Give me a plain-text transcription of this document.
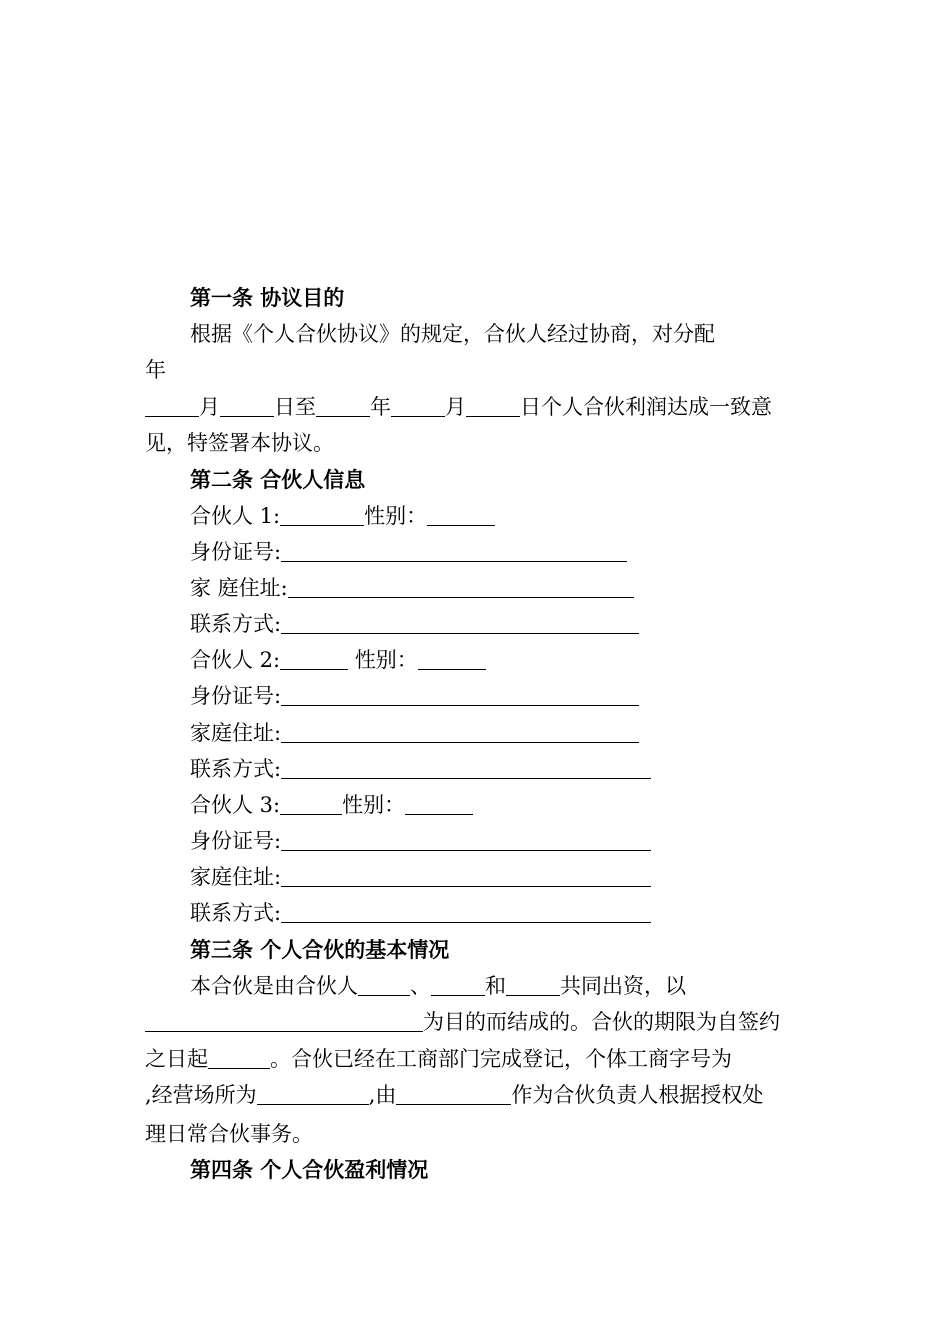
第一条 协议目的
根据《个人合伙协议》的规定，合伙人经过协商，对分配
年
月	日至	年	月	日个人合伙利润达成一致意
见，特签署本协议。
第二条 合伙人信息
合伙人 1:	性别：
身份证号:
家 庭住址:
联系方式:
合伙人 2:	性别：
身份证号:
家庭住址:
联系方式:
合伙人 3:	性别：
身份证号:
家庭住址:
联系方式:
第三条 个人合伙的基本情况
本合伙是由合伙人 、	和	共同出资，以
为目的而结成的。合伙的期限为自签约
之日起	。合伙已经在工商部门完成登记，个体工商字号为
,经营场所为	,由	作为合伙负责人根据授权处
理日常合伙事务。
第四条 个人合伙盈利情况
